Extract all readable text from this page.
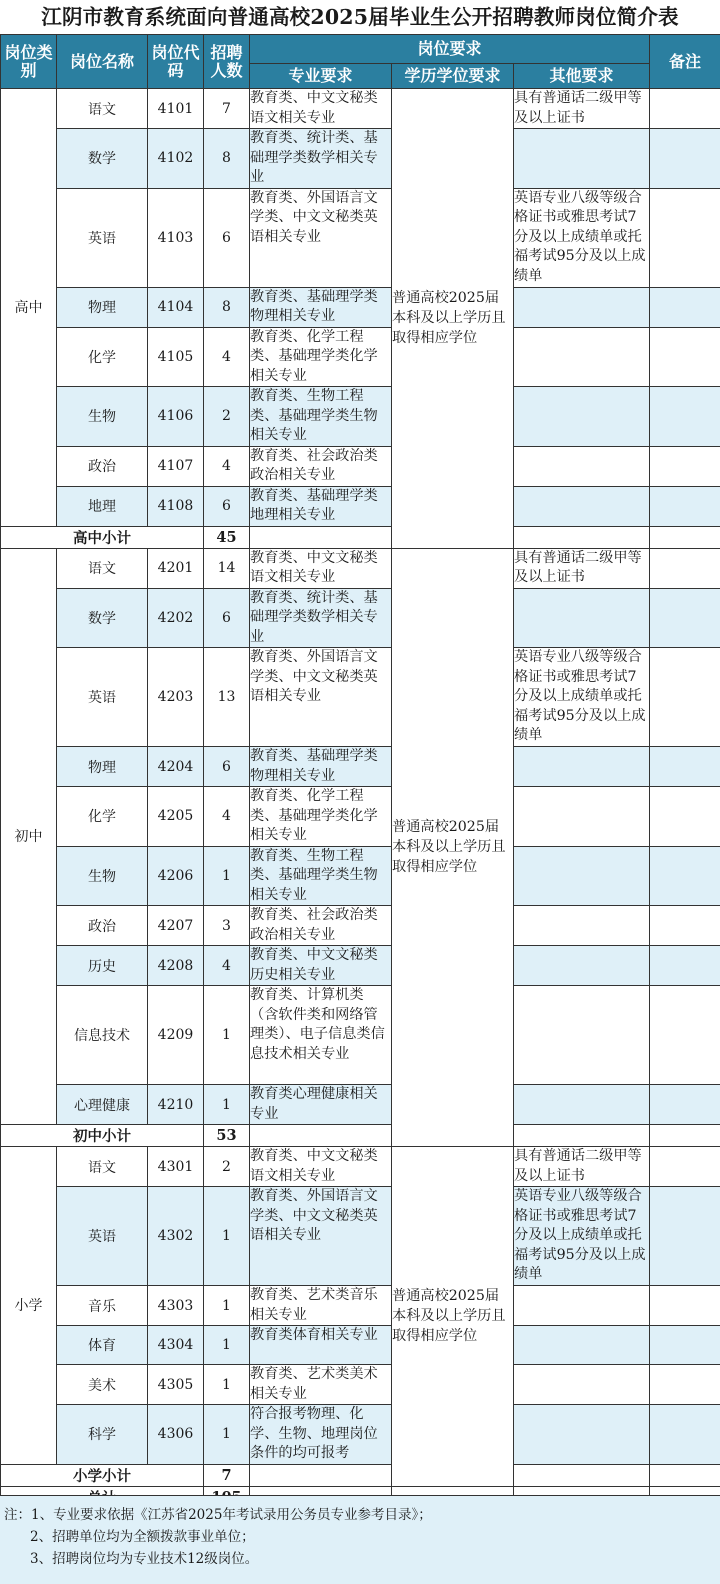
江阴市教育系统面向普通高校2025届毕业生公开招聘教师岗位简介表
岗位类别	岗位名称	岗位代码	招聘人数	岗位要求			备注
				专业要求	学历学位要求	其他要求	
高中	语文	4101	7	教育类、中文文秘类语文相关专业	普通高校2025届本科及以上学历且取得相应学位	具有普通话二级甲等及以上证书	
	数学	4102	8	教育类、统计类、基础理学类数学相关专业			
	英语	4103	6	教育类、外国语言文学类、中文文秘类英语相关专业		英语专业八级等级合格证书或雅思考试7分及以上成绩单或托福考试95分及以上成绩单	
	物理	4104	8	教育类、基础理学类物理相关专业			
	化学	4105	4	教育类、化学工程类、基础理学类化学相关专业			
	生物	4106	2	教育类、生物工程类、基础理学类生物相关专业			
	政治	4107	4	教育类、社会政治类政治相关专业			
	地理	4108	6	教育类、基础理学类地理相关专业			
高中小计			45				
初中	语文	4201	14	教育类、中文文秘类语文相关专业	普通高校2025届本科及以上学历且取得相应学位	具有普通话二级甲等及以上证书	
	数学	4202	6	教育类、统计类、基础理学类数学相关专业			
	英语	4203	13	教育类、外国语言文学类、中文文秘类英语相关专业		英语专业八级等级合格证书或雅思考试7分及以上成绩单或托福考试95分及以上成绩单	
	物理	4204	6	教育类、基础理学类物理相关专业			
	化学	4205	4	教育类、化学工程类、基础理学类化学相关专业			
	生物	4206	1	教育类、生物工程类、基础理学类生物相关专业			
	政治	4207	3	教育类、社会政治类政治相关专业			
	历史	4208	4	教育类、中文文秘类历史相关专业			
	信息技术	4209	1	教育类、计算机类（含软件类和网络管理类）、电子信息类信息技术相关专业			
	心理健康	4210	1	教育类心理健康相关专业			
初中小计			53				
小学	语文	4301	2	教育类、中文文秘类语文相关专业	普通高校2025届本科及以上学历且取得相应学位	具有普通话二级甲等及以上证书	
	英语	4302	1	教育类、外国语言文学类、中文文秘类英语相关专业		英语专业八级等级合格证书或雅思考试7分及以上成绩单或托福考试95分及以上成绩单	
	音乐	4303	1	教育类、艺术类音乐相关专业			
	体育	4304	1	教育类体育相关专业			
	美术	4305	1	教育类、艺术类美术相关专业			
	科学	4306	1	符合报考物理、化学、生物、地理岗位条件的均可报考			
小学小计			7				

注：1、专业要求依据《江苏省2025年考试录用公务员专业参考目录》；
2、招聘单位均为全额拨款事业单位；
3、招聘岗位均为专业技术12级岗位。
